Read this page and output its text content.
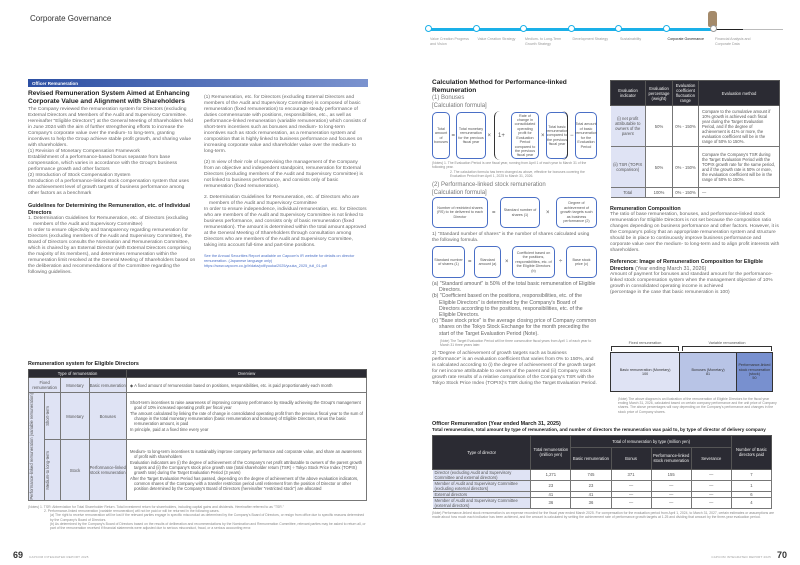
Corporate Governance
Value Creation Progress and Vision
Value Creation Strategy	Medium- to Long-Term Growth Strategy
Development Strategy	Sustainability	Corporate Governance	Financial Analysis and Corporate Data
Officer Remuneration
Revised Remuneration System Aimed at Enhancing Corporate Value and Alignment with Shareholders
The Company reviewed the remuneration system for Directors (excluding External Directors and Members of the Audit and Supervisory Committee. Hereinafter "Eligible Directors") at the General Meeting of Shareholders held in June 2024 with the aim of further strengthening efforts to increase the Company's corporate value over the medium- to long-term, granting incentives to help the Group achieve stable profit growth, and sharing value with shareholders.
(1) Revision of Monetary Compensation Framework
Establishment of a performance-based bonus separate from base compensation, which varies in accordance with the Group's business performance growth and other factors
(2) Introduction of Stock Compensation System
Introduction of a performance-linked stock compensation system that uses the achievement level of growth targets of business performance among other factors as a benchmark
Guidelines for Determining the Remuneration, etc. of Individual Directors
1. Determination Guidelines for Remuneration, etc. of Directors (excluding members of the Audit and Supervisory Committee)
In order to ensure objectivity and transparency regarding remuneration for Directors (excluding members of the Audit and Supervisory Committee), the Board of Directors consults the Nomination and Remuneration Committee, which is chaired by an External Director (with External Directors comprising the majority of its members), and determines remuneration within the remuneration limit resolved at the General Meeting of Shareholders based on the deliberation and recommendations of the Committee regarding the following guidelines.
(1) Remuneration, etc. for Directors (excluding External Directors and members of the Audit and Supervisory Committee) is composed of basic remuneration (fixed remuneration) to encourage steady performance of duties commensurate with positions, responsibilities, etc., as well as performance-linked remuneration (variable remuneration) which consists of short-term incentives such as bonuses and medium- to long-term incentives such as stock remuneration, as a remuneration system and composition that is highly linked to business performance and focuses on increasing corporate value and shareholder value over the medium- to long-term.
(2) In view of their role of supervising the management of the Company from an objective and independent standpoint, remuneration for External Directors (excluding members of the Audit and Supervisory Committee) is not linked to business performance, and consists only of basic remuneration (fixed remuneration).
2. Determination Guidelines for Remuneration, etc. of Directors who are members of the Audit and Supervisory Committee
In order to ensure independence, individual remuneration, etc. for Directors who are members of the Audit and Supervisory Committee is not linked to business performance, and consists only of basic remuneration (fixed remuneration). The amount is determined within the total amount approved at the General Meeting of Shareholders through consultation among Directors who are members of the Audit and Supervisory Committee, taking into account full-time and part-time positions.
See the Annual Securities Report available on Capcom's IR website for details on director remuneration. (Japanese language only) https://www.capcom.co.jp/ir/data/pdf/yuuka/2025/yuuka_2025_full_01.pdf
Remuneration system for Eligible Directors
Type of remuneration				Overview
Fixed remuneration		Monetary	Basic remuneration	◆ A fixed amount of remuneration based on positions, responsibilities, etc. is paid proportionately each month

Performance-linked remuneration (variable remuneration)	Short-term	Monetary	Bonuses	Short-term incentives to raise awareness of improving company performance by steadily achieving the Group's management goal of 10% increased operating profit per fiscal year
The amount calculated by linking the rate of change in consolidated operating profit from the previous fiscal year to the sum of change in the total monetary remuneration (basic remuneration and bonuses) of Eligible Directors, minus the basic remuneration amount, is paid
In principle, paid at a fixed time every year

	Medium-to long-term	Stock	Performance-linked stock remuneration	Medium- to long-term incentives to sustainably improve company performance and corporate value, and share an awareness of profit with shareholders
Evaluation indicators are (i) the degree of achievement of the Company's net profit attributable to owners of the parent growth targets and (ii) the Company's stock price growth rate (total shareholder return (TSR) ÷ Tokyo Stock Price Index (TOPIX) growth rate) during the Target Evaluation Period (3 years)
After the Target Evaluation Period has passed, depending on the degree of achievement of the above evaluation indicators, common shares of the Company with a transfer restriction period until retirement from the position of Director or other position determined by the Company's Board of Directors (hereinafter "restricted stock") are allocated
(Notes) 1. TSR: Abbreviation for Total Shareholder Return. Total investment return for shareholders, including capital gains and dividends. Hereinafter referred to as "TSR."
2. Performance-linked remuneration (variable remuneration) will not be paid or will be returned in the following cases.
(a) The right to receive remuneration will be lost if the relevant parties engage in specific misconduct as determined by the Company's Board of Directors, or resign from office due to specific reasons determined by the Company's Board of Directors.
(b) As determined by the Company's Board of Directors based on the results of deliberation and recommendations by the Nomination and Remuneration Committee, relevant parties may be asked to return all, or part of the remuneration received if financial statements were adjusted due to serious misconduct, fraud, or a serious accounting error.
69 CAPCOM INTEGRATED REPORT 2025
Calculation Method for Performance-linked Remuneration
(1) Bonuses
[Calculation formula]
Total amount of bonuses
Total monetary remuneration for the previous fiscal year
Rate of change in consolidated operating profit for Evaluation Period compared to the previous fiscal year
Total basic remuneration compared to the previous fiscal year
Total amount of basic remuneration for the Evaluation Period
=	× 1+	×	−
(Notes) 1. The Evaluation Period is one fiscal year, running from April 1 of each year to March 31 of the following year.
2. The calculation formula has been changed as above, effective for bonuses covering the Evaluation Period from April 1, 2025 to March 31, 2026.
(2) Performance-linked stock remuneration
[Calculation formula]
Number of restricted shares (RS) to be delivered to each Director
Standard number of shares (1)
Degree of achievement of growth targets such as business performance (2)
=	×
1) "Standard number of shares" is the number of shares calculated using the following formula.
Standard number of shares (1)
Standard amount (a)
Coefficient based on the positions, responsibilities, etc. of the Eligible Directors (b)
Base stock price (c)
=	×	÷
(a) "Standard amount" is 50% of the total basic remuneration of Eligible Directors.
(b) "Coefficient based on the positions, responsibilities, etc. of the Eligible Directors" is determined by the Company's Board of Directors according to the positions, responsibilities, etc. of the Eligible Directors.
(c) "Base stock price" is the average closing price of Company common shares on the Tokyo Stock Exchange for the month preceding the start of the Target Evaluation Period (Note).
(Note) The Target Evaluation Period will be three consecutive fiscal years from April 1 of each year to March 31 three years later.
2) "Degree of achievement of growth targets such as business performance" is an evaluation coefficient that varies from 0% to 150%, and is calculated according to (i) the degree of achievement of the growth target for net income attributable to owners of the parent and (ii) Company stock growth rate results of a relative comparison of the Company's TSR with the Tokyo Stock Price Index (TOPIX)'s TSR during the Target Evaluation Period.
Evaluation indicator	Evaluation percentage (weight)	Evaluation coefficient fluctuation range	Evaluation method
(i) net profit attributable to owners of the parent	50%	0% - 150%	Compare to the cumulative amount if 10% growth is achieved each fiscal year during the Target Evaluation Period, and if the degree of achievement is 41% or more, the evaluation coefficient will be in the range of 50% to 150%.
(ii) TSR (TOPIX comparison)	50%	0% - 150%	Compare the Company's TSR during the Target Evaluation Period with the TOPIX growth rate for the same period, and if the growth rate is 50% or more, the evaluation coefficient will be in the range of 50% to 150%.
Total	100%	0% - 150%	—
Remuneration Composition
The ratio of base remuneration, bonuses, and performance-linked stock remuneration for Eligible Directors is not set because the composition ratio changes depending on business performance and other factors. However, it is the Company's policy that an appropriate remuneration system and structure should be in place to continuously improve business performance and corporate value over the medium- to long-term and to align profit interests with shareholders.
Reference: Image of Remuneration Composition for Eligible Directors (Year ending March 31, 2026)
Amount of payment for bonuses and standard amount for the performance-linked stock compensation system when the management objective of 10% growth in consolidated operating income is achieved
(percentage in the case that basic remuneration is 100)
Fixed remuneration	Variable remuneration
Basic remuneration (Monetary)
100
Bonuses (Monetary)
81
Performance-linked stock remuneration (stock)
50
(Note) The above diagram is an illustration of the remuneration of Eligible Directors for the fiscal year ending March 31, 2026, calculated based on certain company performance and the unit price of Company shares. The above percentages will vary depending on the Company's performance and changes in the stock price of Company shares.
Officer Remuneration (Year ended March 31, 2025)
Total remuneration, total amount by type of remuneration, and number of directors the remuneration was paid to, by type of director of delivery company
Type of director	Total remuneration (million yen)	Total of remuneration by type (million yen)				Number of Basic directors paid
		Basic remuneration	Bonus	Performance-linked stock remuneration	Severance	
Director (excluding Audit and Supervisory Committee and external directors)	1,271	745	371	155	—	7
Member of Audit and Supervisory Committee (excluding external directors)	23	23	—	—	—	1
External directors	41	41	—	—	—	6
Member of Audit and Supervisory Committee (external directors)	36	36	—	—	—	4
(Note) Performance-linked stock remuneration is an expense recorded for the fiscal year ended March 2025. For compensation for the evaluation period from April 1, 2024, to March 31, 2027, certain estimates or assumptions are made about how much each indicator has been achieved, and the amount is calculated by setting the achievement rate of performance growth targets at 1.25 and dividing that amount by the three-year evaluation period.
CAPCOM INTEGRATED REPORT 2025 70
